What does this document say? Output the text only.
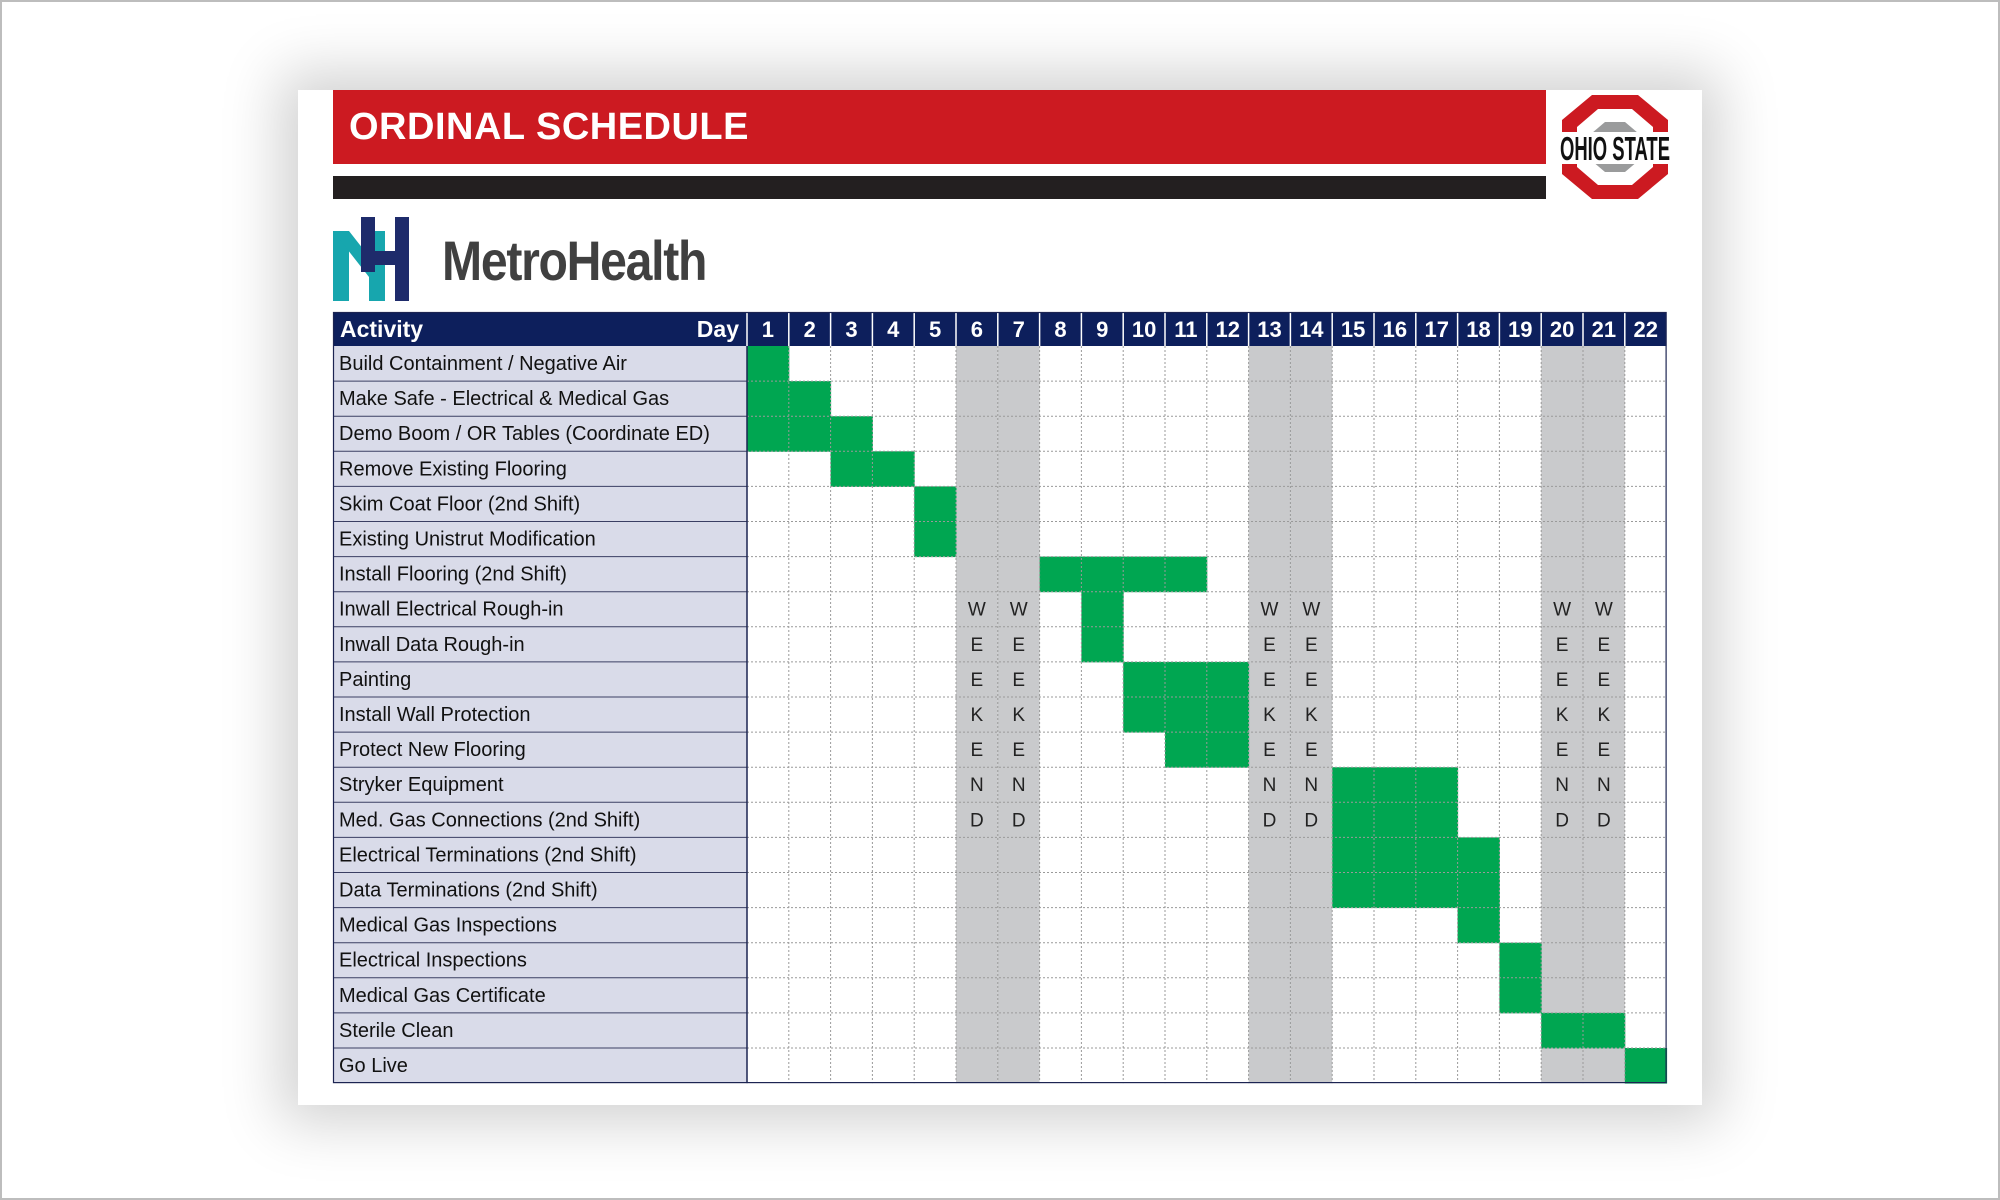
ORDINAL SCHEDULE
OHIO STATE
MetroHealth
Activity	Day 1 2 3 4 5 6 7 8 9 10 11 12 13 14 15 16 17 18 19 20 21 22
Build Containment / Negative Air
Make Safe - Electrical & Medical Gas
Demo Boom / OR Tables (Coordinate ED)
Remove Existing Flooring
Skim Coat Floor (2nd Shift)
Existing Unistrut Modification
Install Flooring (2nd Shift)
Inwall Electrical Rough-in
Inwall Data Rough-in
Painting
Install Wall Protection
Protect New Flooring
Stryker Equipment
Med. Gas Connections (2nd Shift)
Electrical Terminations (2nd Shift)
Data Terminations (2nd Shift)
Medical Gas Inspections
Electrical Inspections
Medical Gas Certificate
Sterile Clean
Go Live
W
E
E
K
E
N
D
W
E
E
K
E
N
D
W
E
E
K
E
N
D
W
E
E
K
E
N
D
W
E
E
K
E
N
D
W
E
E
K
E
N
D
